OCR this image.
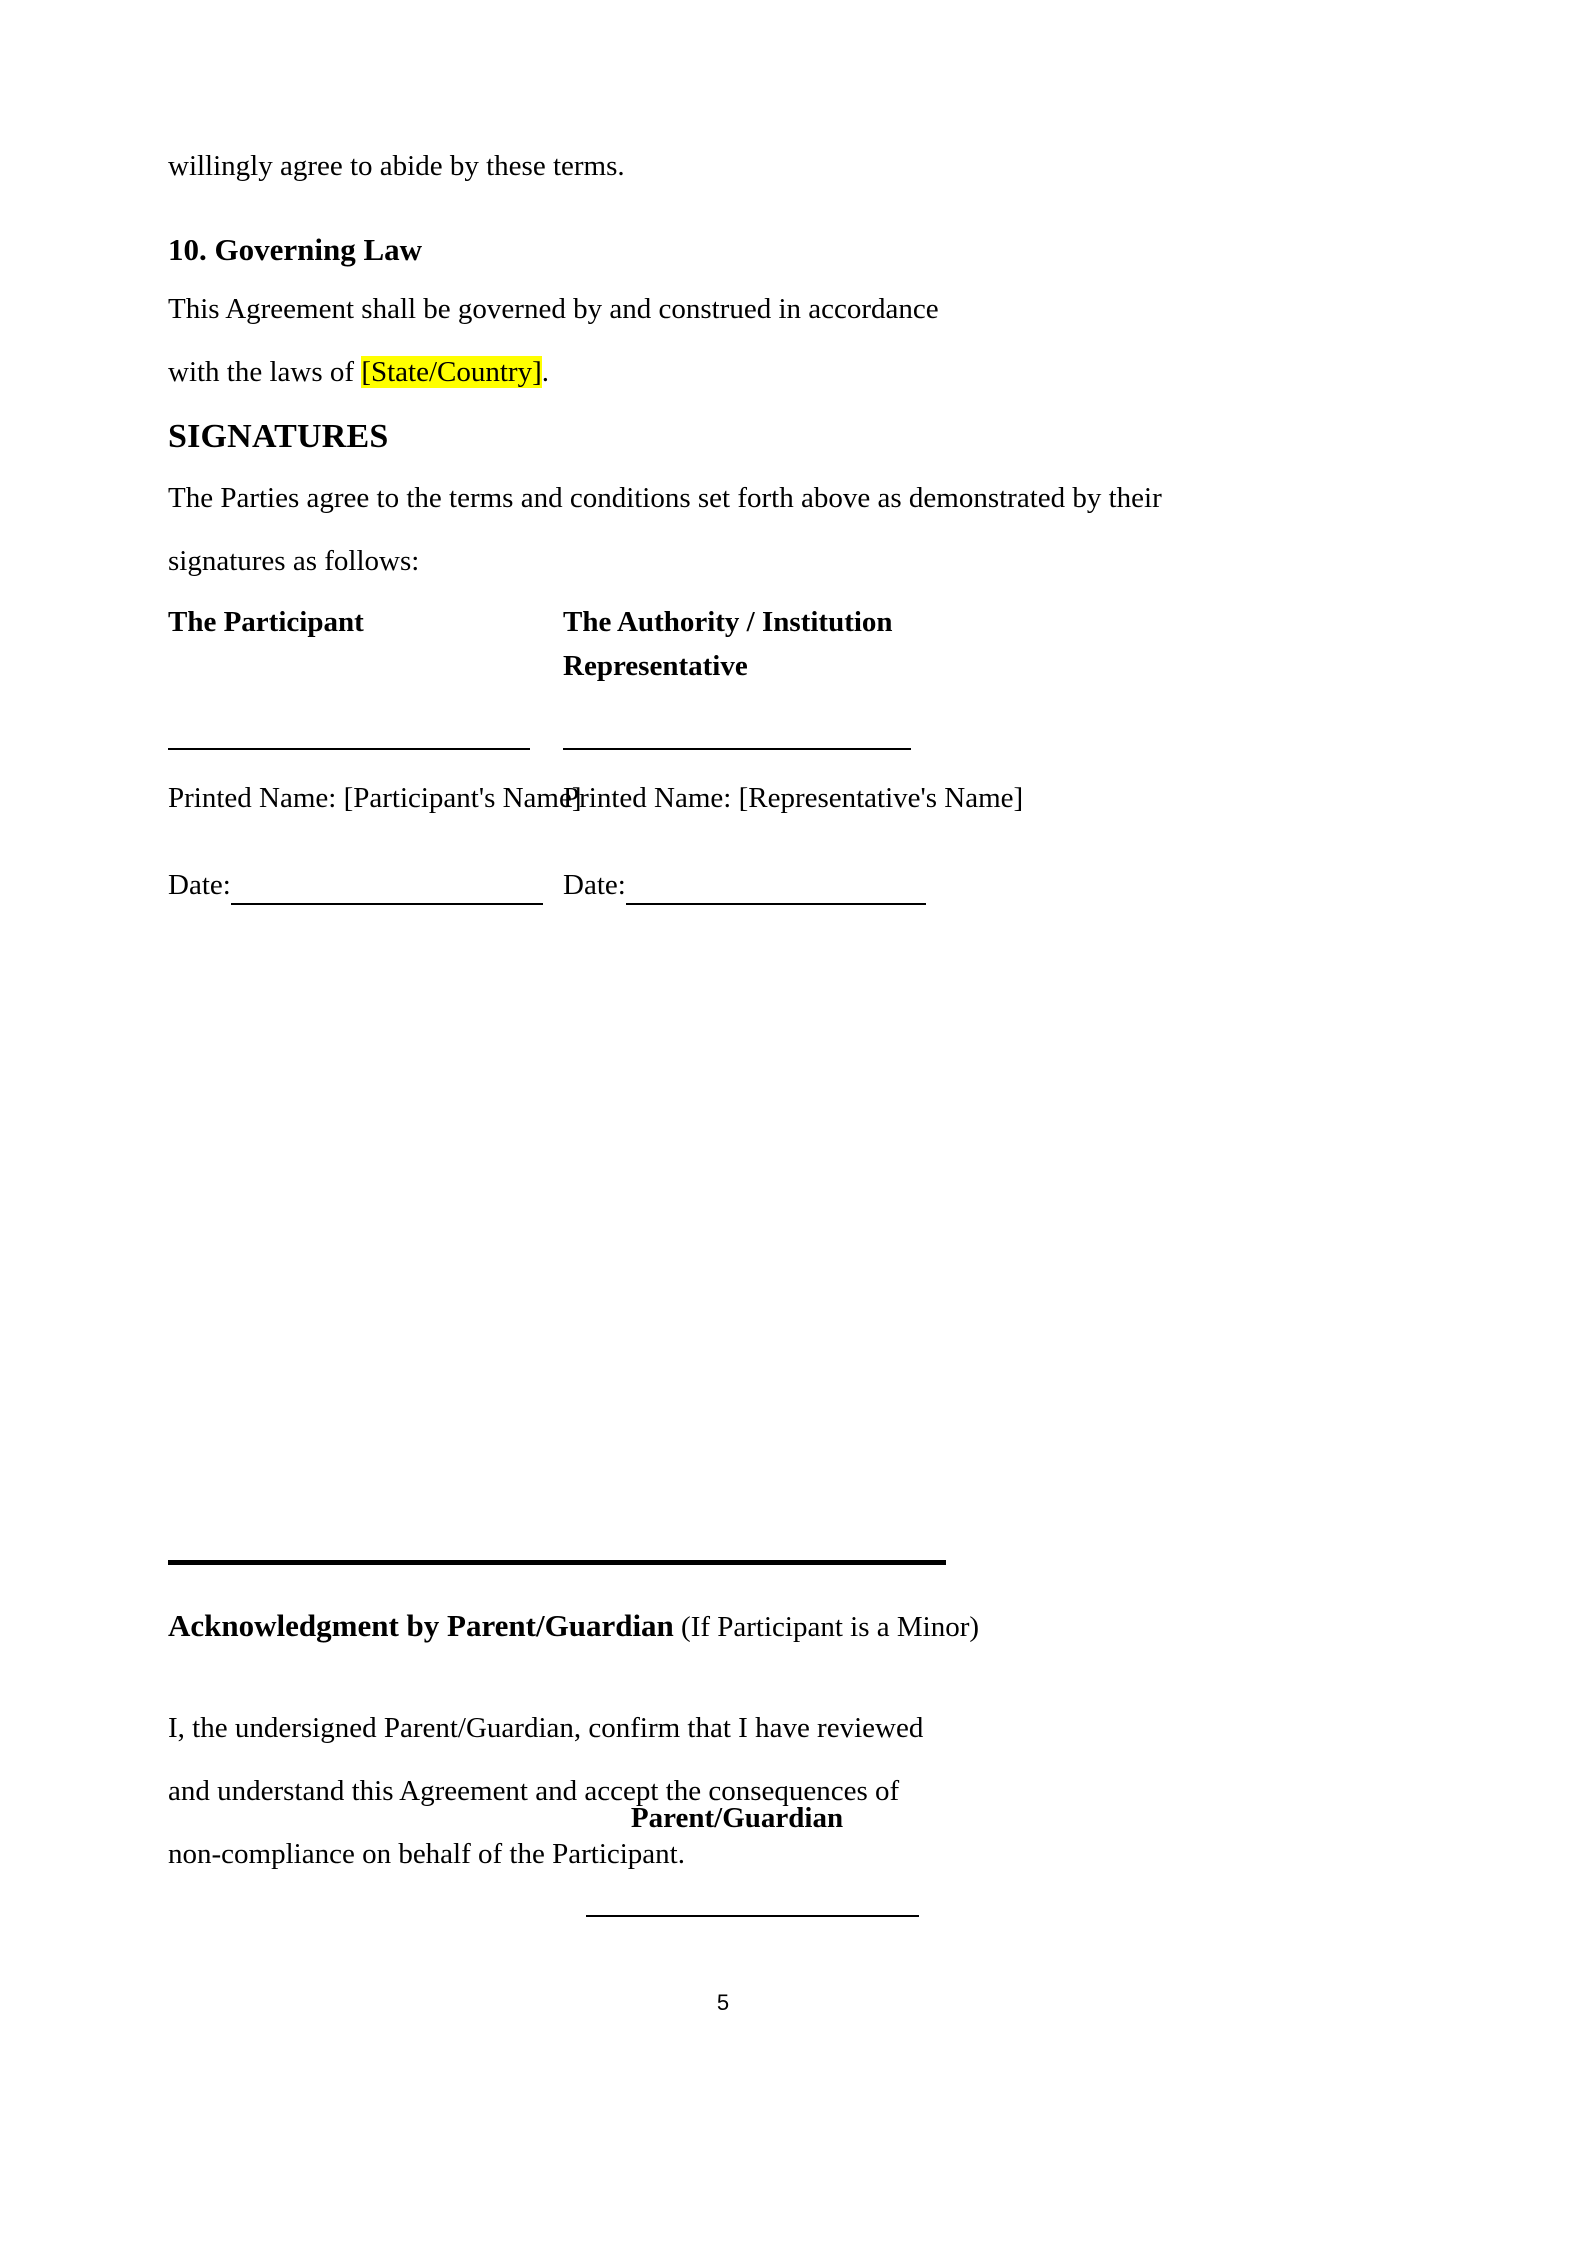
willingly agree to abide by these terms.

10. Governing Law

This Agreement shall be governed by and construed in accordance with the laws of [State/Country].

SIGNATURES

The Parties agree to the terms and conditions set forth above as demonstrated by their signatures as follows:

The Participant	The Authority / Institution Representative

Printed Name: [Participant's Name]
Printed Name: [Representative's Name]
Date:	Date:
Acknowledgment by Parent/Guardian (If Participant is a Minor)

I, the undersigned Parent/Guardian, confirm that I have reviewed and understand this Agreement and accept the consequences of non-compliance on behalf of the Participant.

Parent/Guardian
5
